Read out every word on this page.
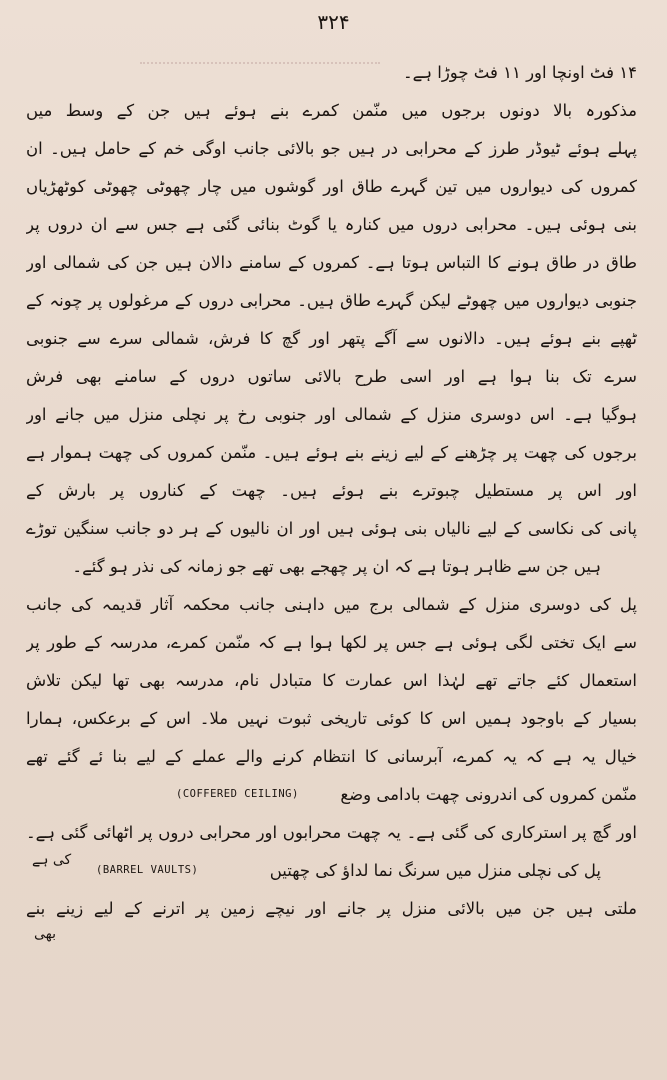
۳۲۴
۱۴ فٹ اونچا اور ۱۱ فٹ چوڑا ہے۔
مذکورہ بالا دونوں برجوں میں منّمن کمرے بنے ہوئے ہیں جن کے وسط میں
پہلے ہوئے ٹیوڈر طرز کے محرابی در ہیں جو بالائی جانب اوگی خم کے حامل ہیں۔ ان
کمروں کی دیواروں میں تین گہرے طاق اور گوشوں میں چار چھوٹی چھوٹی کوٹھڑیاں
بنی ہوئی ہیں۔ محرابی دروں میں کنارہ یا گوٹ بنائی گئی ہے جس سے ان دروں پر
طاق در طاق ہونے کا التباس ہوتا ہے۔ کمروں کے سامنے دالان ہیں جن کی شمالی اور
جنوبی دیواروں میں چھوٹے لیکن گہرے طاق ہیں۔ محرابی دروں کے مرغولوں پر چونہ کے
ٹھپے بنے ہوئے ہیں۔ دالانوں سے آگے پتھر اور گچ کا فرش، شمالی سرے سے جنوبی
سرے تک بنا ہوا ہے اور اسی طرح بالائی ساتوں دروں کے سامنے بھی فرش
ہوگیا ہے۔ اس دوسری منزل کے شمالی اور جنوبی رخ پر نچلی منزل میں جانے اور
برجوں کی چھت پر چڑھنے کے لیے زینے بنے ہوئے ہیں۔ منّمن کمروں کی چھت ہموار ہے
اور اس پر مستطیل چبوترے بنے ہوئے ہیں۔ چھت کے کناروں پر بارش کے
پانی کی نکاسی کے لیے نالیاں بنی ہوئی ہیں اور ان نالیوں کے ہر دو جانب سنگین توڑے
ہیں جن سے ظاہر ہوتا ہے کہ ان پر چھجے بھی تھے جو زمانہ کی نذر ہو گئے۔
پل کی دوسری منزل کے شمالی برج میں داہنی جانب محکمہ آثار قدیمہ کی جانب
سے ایک تختی لگی ہوئی ہے جس پر لکھا ہوا ہے کہ منّمن کمرے، مدرسہ کے طور پر
استعمال کئے جاتے تھے لہٰذا اس عمارت کا متبادل نام، مدرسہ بھی تھا لیکن تلاش
بسیار کے باوجود ہمیں اس کا کوئی تاریخی ثبوت نہیں ملا۔ اس کے برعکس، ہمارا
خیال یہ ہے کہ یہ کمرے، آبرسانی کا انتظام کرنے والے عملے کے لیے بنا ئے گئے تھے
منّمن کمروں کی اندرونی چھت بادامی وضع
(COFFERED CEILING)
کی ہے
اور گچ پر استرکاری کی گئی ہے۔ یہ چھت محرابوں اور محرابی دروں پر اٹھائی گئی ہے۔
پل کی نچلی منزل میں سرنگ نما لداؤ کی چھتیں
(BARREL VAULTS)
بھی
ملتی ہیں جن میں بالائی منزل پر جانے اور نیچے زمین پر اترنے کے لیے زینے بنے
